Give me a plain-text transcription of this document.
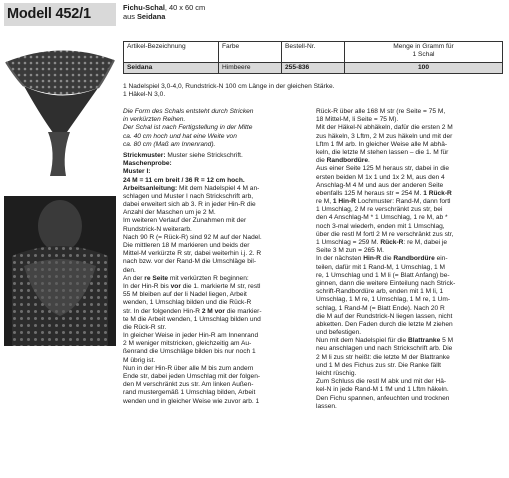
Modell 452/1	Fichu-Schal, 40 x 60 cm
aus Seidana
Artikel-Bezeichnung	Farbe	Bestell-Nr.	Menge in Gramm für
1 Schal

Seidana	Himbeere	255-836	100
1 Nadelspiel 3,0-4,0, Rundstrick-N 100 cm Länge in der gleichen Stärke.
1 Häkel-N 3,0.

Die Form des Schals entsteht durch Stricken

in verkürzten Reihen.

Der Schal ist nach Fertigstellung in der Mitte

ca. 40 cm hoch und hat eine Weite von

ca. 80 cm (Maß am Innenrand).

Strickmuster: Muster siehe Strickschrift.

Maschenprobe:

Muster I:

24 M = 11 cm breit / 36 R = 12 cm hoch.

Arbeitsanleitung: Mit dem Nadelspiel 4 M an-

schlagen und Muster I nach Strickschrift arb,

dabei erweitert sich ab 3. R in jeder Hin-R die

Anzahl der Maschen um je 2 M.

Im weiteren Verlauf der Zunahmen mit der

Rundstrick-N weiterarb.

Nach 90 R (= Rück-R) sind 92 M auf der Nadel.

Die mittleren 18 M markieren und beids der

Mittel-M verkürzte R str, dabei weiterhin i.j. 2. R

nach bzw. vor der Rand-M die Umschläge bil-

den.

An der re Seite mit verkürzten R beginnen:

In der Hin-R bis vor die 1. markierte M str, restl

55 M bleiben auf der li Nadel liegen, Arbeit

wenden, 1 Umschlag bilden und die Rück-R

str. In der folgenden Hin-R 2 M vor die markier-

te M die Arbeit wenden, 1 Umschlag bilden und

die Rück-R str.

In gleicher Weise in jeder Hin-R am Innenrand

2 M weniger mitstricken, gleichzeitig am Au-

ßenrand die Umschläge bilden bis nur noch 1

M übrig ist.

Nun in der Hin-R über alle M bis zum andern

Ende str, dabei jeden Umschlag mit der folgen-

den M verschränkt zus str. Am linken Außen-

rand mustergemäß 1 Umschlag bilden, Arbeit

wenden und in gleicher Weise wie zuvor arb. 1

Rück-R über alle 168 M str (re Seite = 75 M,

18 Mittel-M, li Seite = 75 M).

Mit der Häkel-N abhäkeln, dafür die ersten 2 M

zus häkeln, 3 Lftm, 2 M zus häkeln und mit der

Lftm 1 fM arb. In gleicher Weise alle M abhä-

keln, die letzte M stehen lassen – die 1. M für

die Randbordüre.

Aus einer Seite 125 M heraus str, dabei in die

ersten beiden M 1x 1 und 1x 2 M, aus den 4

Anschlag-M 4 M und aus der anderen Seite

ebenfalls 125 M heraus str = 254 M. 1 Rück-R

re M, 1 Hin-R Lochmuster: Rand-M, dann fortl

1 Umschlag, 2 M re verschränkt zus str, bei

den 4 Anschlag-M * 1 Umschlag, 1 re M, ab *

noch 3-mal wiederh, enden mit 1 Umschlag,

über die restl M fortl 2 M re verschränkt zus str,

1 Umschlag = 259 M. Rück-R: re M, dabei je

Seite 3 M zun = 265 M.

In der nächsten Hin-R die Randbordüre ein-

teilen, dafür mit 1 Rand-M, 1 Umschlag, 1 M

re, 1 Umschlag und 1 M li (= Blatt Anfang) be-

ginnen, dann die weitere Einteilung nach Strick-

schrift-Randbordüre arb, enden mit 1 M li, 1

Umschlag, 1 M re, 1 Umschlag, 1 M re, 1 Um-

schlag, 1 Rand-M (= Blatt Ende). Nach 20 R

die M auf der Rundstrick-N liegen lassen, nicht

abketten. Den Faden durch die letzte M ziehen

und befestigen.

Nun mit dem Nadelspiel für die Blattranke 5 M

neu anschlagen und nach Strickschrift arb. Die

2 M li zus str heißt: die letzte M der Blattranke

und 1 M des Fichus zus str. Die Ranke fällt

leicht rüschig.

Zum Schluss die restl M abk und mit der Hä-

kel-N in jede Rand-M 1 fM und 1 Lftm häkeln.

Den Fichu spannen, anfeuchten und trocknen

lassen.
